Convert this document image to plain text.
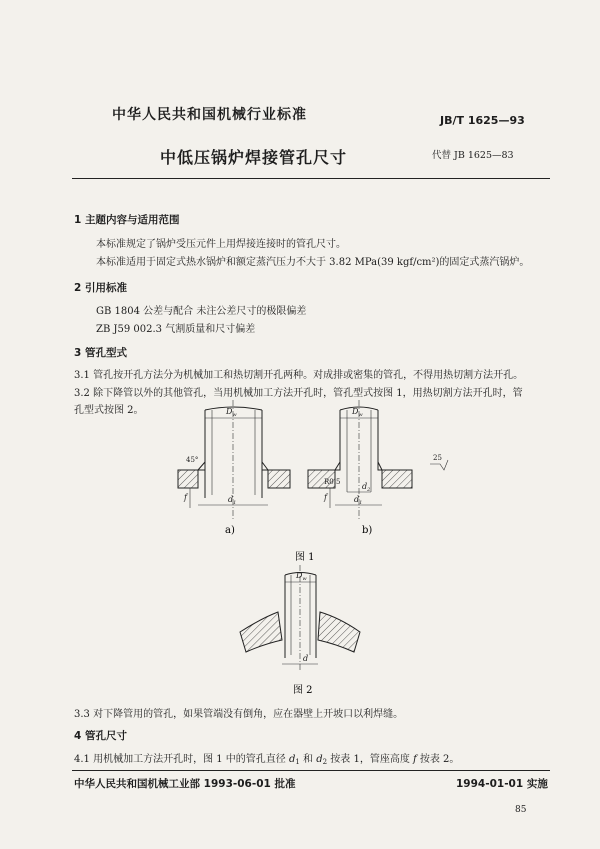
中华人民共和国机械行业标准	JB/T 1625—93
中低压锅炉焊接管孔尺寸	代替 JB 1625—83
1 主题内容与适用范围
本标准规定了锅炉受压元件上用焊接连接时的管孔尺寸。
本标准适用于固定式热水锅炉和额定蒸汽压力不大于 3.82 MPa(39 kgf/cm²)的固定式蒸汽锅炉。
2 引用标准
GB 1804 公差与配合 未注公差尺寸的极限偏差
ZB J59 002.3 气割质量和尺寸偏差
3 管孔型式
3.1 管孔按开孔方法分为机械加工和热切割开孔两种。对成排或密集的管孔，不得用热切割方法开孔。
3.2 除下降管以外的其他管孔，当用机械加工方法开孔时，管孔型式按图 1，用热切割方法开孔时，管
孔型式按图 2。	$D_w$
$d_1$
f
45°
a)
$D_w$
$d_2$
$d_1$
f
R0.5
25
b)
图 1
$D_w$
d
图 2
3.3 对下降管用的管孔，如果管端没有倒角，应在器壁上开坡口以利焊缝。
4 管孔尺寸
4.1 用机械加工方法开孔时，图 1 中的管孔直径 $d_1$ 和 $d_2$ 按表 1，管座高度 f 按表 2。
中华人民共和国机械工业部 1993-06-01 批准	1994-01-01 实施
85
